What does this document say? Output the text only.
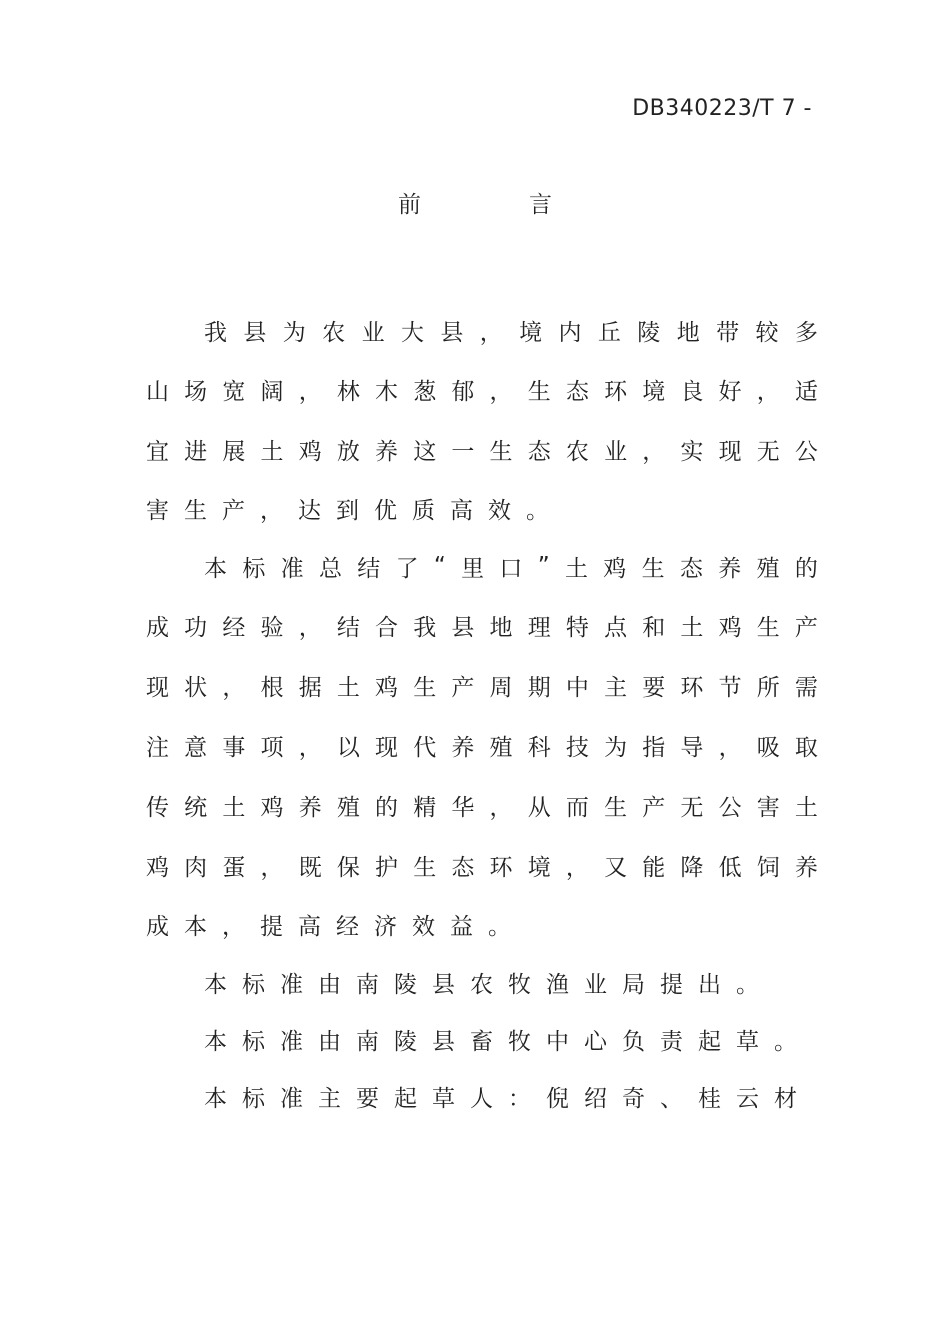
DB340223/T 7 -
前	言
我 县 为 农 业 大 县 ， 境 内 丘 陵 地 带 较 多
山 场 宽 阔 ， 林 木 葱 郁 ， 生 态 环 境 良 好 ， 适
宜 进 展 土 鸡 放 养 这 一 生 态 农 业 ， 实 现 无 公
害 生 产 ， 达 到 优 质 高 效 。
本 标 准 总 结 了 “ 里 口 ” 土 鸡 生 态 养 殖 的
成 功 经 验 ， 结 合 我 县 地 理 特 点 和 土 鸡 生 产
现 状 ， 根 据 土 鸡 生 产 周 期 中 主 要 环 节 所 需
注 意 事 项 ， 以 现 代 养 殖 科 技 为 指 导 ， 吸 取
传 统 土 鸡 养 殖 的 精 华 ， 从 而 生 产 无 公 害 土
鸡 肉 蛋 ， 既 保 护 生 态 环 境 ， 又 能 降 低 饲 养
成 本 ， 提 高 经 济 效 益 。
本 标 准 由 南 陵 县 农 牧 渔 业 局 提 出 。
本 标 准 由 南 陵 县 畜 牧 中 心 负 责 起 草 。
本 标 准 主 要 起 草 人 ： 倪 绍 奇 、 桂 云 材
